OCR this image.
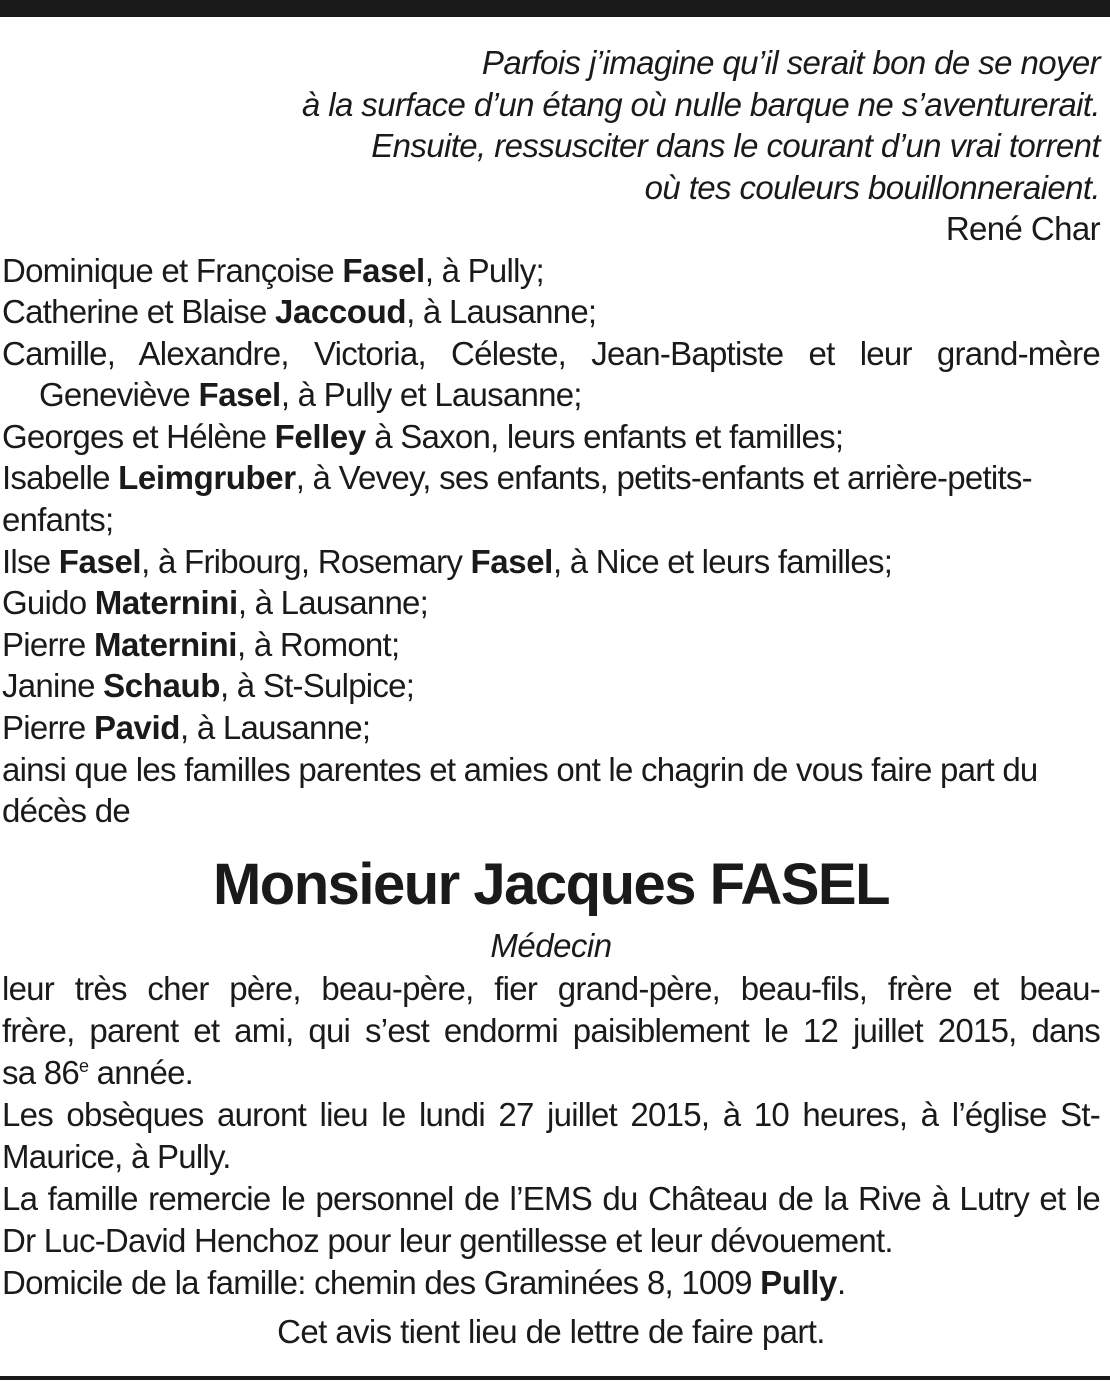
Parfois j’imagine qu’il serait bon de se noyer
à la surface d’un étang où nulle barque ne s’aventurerait.
Ensuite, ressusciter dans le courant d’un vrai torrent
où tes couleurs bouillonneraient.
René Char
Dominique et Françoise Fasel, à Pully;
Catherine et Blaise Jaccoud, à Lausanne;
Camille, Alexandre, Victoria, Céleste, Jean-Baptiste et leur grand-mère
Geneviève Fasel, à Pully et Lausanne;
Georges et Hélène Felley à Saxon, leurs enfants et familles;
Isabelle Leimgruber, à Vevey, ses enfants, petits-enfants et arrière-petits-
enfants;
Ilse Fasel, à Fribourg, Rosemary Fasel, à Nice et leurs familles;
Guido Maternini, à Lausanne;
Pierre Maternini, à Romont;
Janine Schaub, à St-Sulpice;
Pierre Pavid, à Lausanne;
ainsi que les familles parentes et amies ont le chagrin de vous faire part du
décès de
Monsieur Jacques FASEL
Médecin
leur très cher père, beau-père, fier grand-père, beau-fils, frère et beau-
frère, parent et ami, qui s’est endormi paisiblement le 12 juillet 2015, dans
sa 86e année.
Les obsèques auront lieu le lundi 27 juillet 2015, à 10 heures, à l’église St-
Maurice, à Pully.
La famille remercie le personnel de l’EMS du Château de la Rive à Lutry et le
Dr Luc-David Henchoz pour leur gentillesse et leur dévouement.
Domicile de la famille: chemin des Graminées 8, 1009 Pully.
Cet avis tient lieu de lettre de faire part.
